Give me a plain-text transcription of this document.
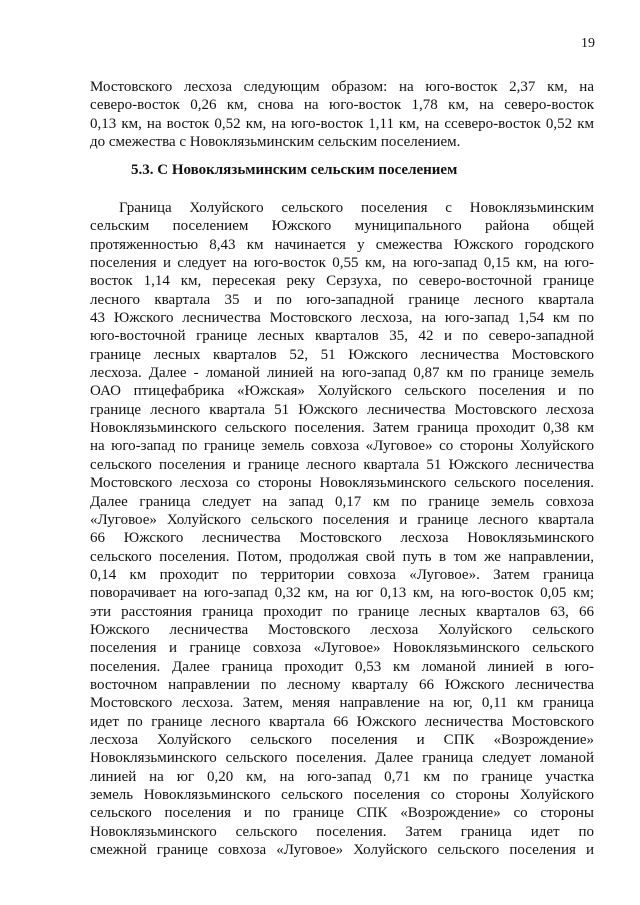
19
Мостовского лесхоза следующим образом: на юго-восток 2,37 км, на
северо-восток 0,26 км, снова на юго-восток 1,78 км, на северо-восток
0,13 км, на восток 0,52 км, на юго-восток 1,11 км, на ссеверо-восток 0,52 км
до смежества с Новоклязьминским сельским поселением.
5.3. С Новоклязьминским сельским поселением
Граница Холуйского сельского поселения с Новоклязьминским
сельским поселением Южского муниципального района общей
протяженностью 8,43 км начинается у смежества Южского городского
поселения и следует на юго-восток 0,55 км, на юго-запад 0,15 км, на юго-
восток 1,14 км, пересекая реку Серзуха, по северо-восточной границе
лесного квартала 35 и по юго-западной границе лесного квартала
43 Южского лесничества Мостовского лесхоза, на юго-запад 1,54 км по
юго-восточной границе лесных кварталов 35, 42 и по северо-западной
границе лесных кварталов 52, 51 Южского лесничества Мостовского
лесхоза. Далее - ломаной линией на юго-запад 0,87 км по границе земель
ОАО птицефабрика «Южская» Холуйского сельского поселения и по
границе лесного квартала 51 Южского лесничества Мостовского лесхоза
Новоклязьминского сельского поселения. Затем граница проходит 0,38 км
на юго-запад по границе земель совхоза «Луговое» со стороны Холуйского
сельского поселения и границе лесного квартала 51 Южского лесничества
Мостовского лесхоза со стороны Новоклязьминского сельского поселения.
Далее граница следует на запад 0,17 км по границе земель совхоза
«Луговое» Холуйского сельского поселения и границе лесного квартала
66 Южского лесничества Мостовского лесхоза Новоклязьминского
сельского поселения. Потом, продолжая свой путь в том же направлении,
0,14 км проходит по территории совхоза «Луговое». Затем граница
поворачивает на юго-запад 0,32 км, на юг 0,13 км, на юго-восток 0,05 км;
эти расстояния граница проходит по границе лесных кварталов 63, 66
Южского лесничества Мостовского лесхоза Холуйского сельского
поселения и границе совхоза «Луговое» Новоклязьминского сельского
поселения. Далее граница проходит 0,53 км ломаной линией в юго-
восточном направлении по лесному кварталу 66 Южского лесничества
Мостовского лесхоза. Затем, меняя направление на юг, 0,11 км граница
идет по границе лесного квартала 66 Южского лесничества Мостовского
лесхоза Холуйского сельского поселения и СПК «Возрождение»
Новоклязьминского сельского поселения. Далее граница следует ломаной
линией на юг 0,20 км, на юго-запад 0,71 км по границе участка
земель Новоклязьминского сельского поселения со стороны Холуйского
сельского поселения и по границе СПК «Возрождение» со стороны
Новоклязьминского сельского поселения. Затем граница идет по
смежной границе совхоза «Луговое» Холуйского сельского поселения и
